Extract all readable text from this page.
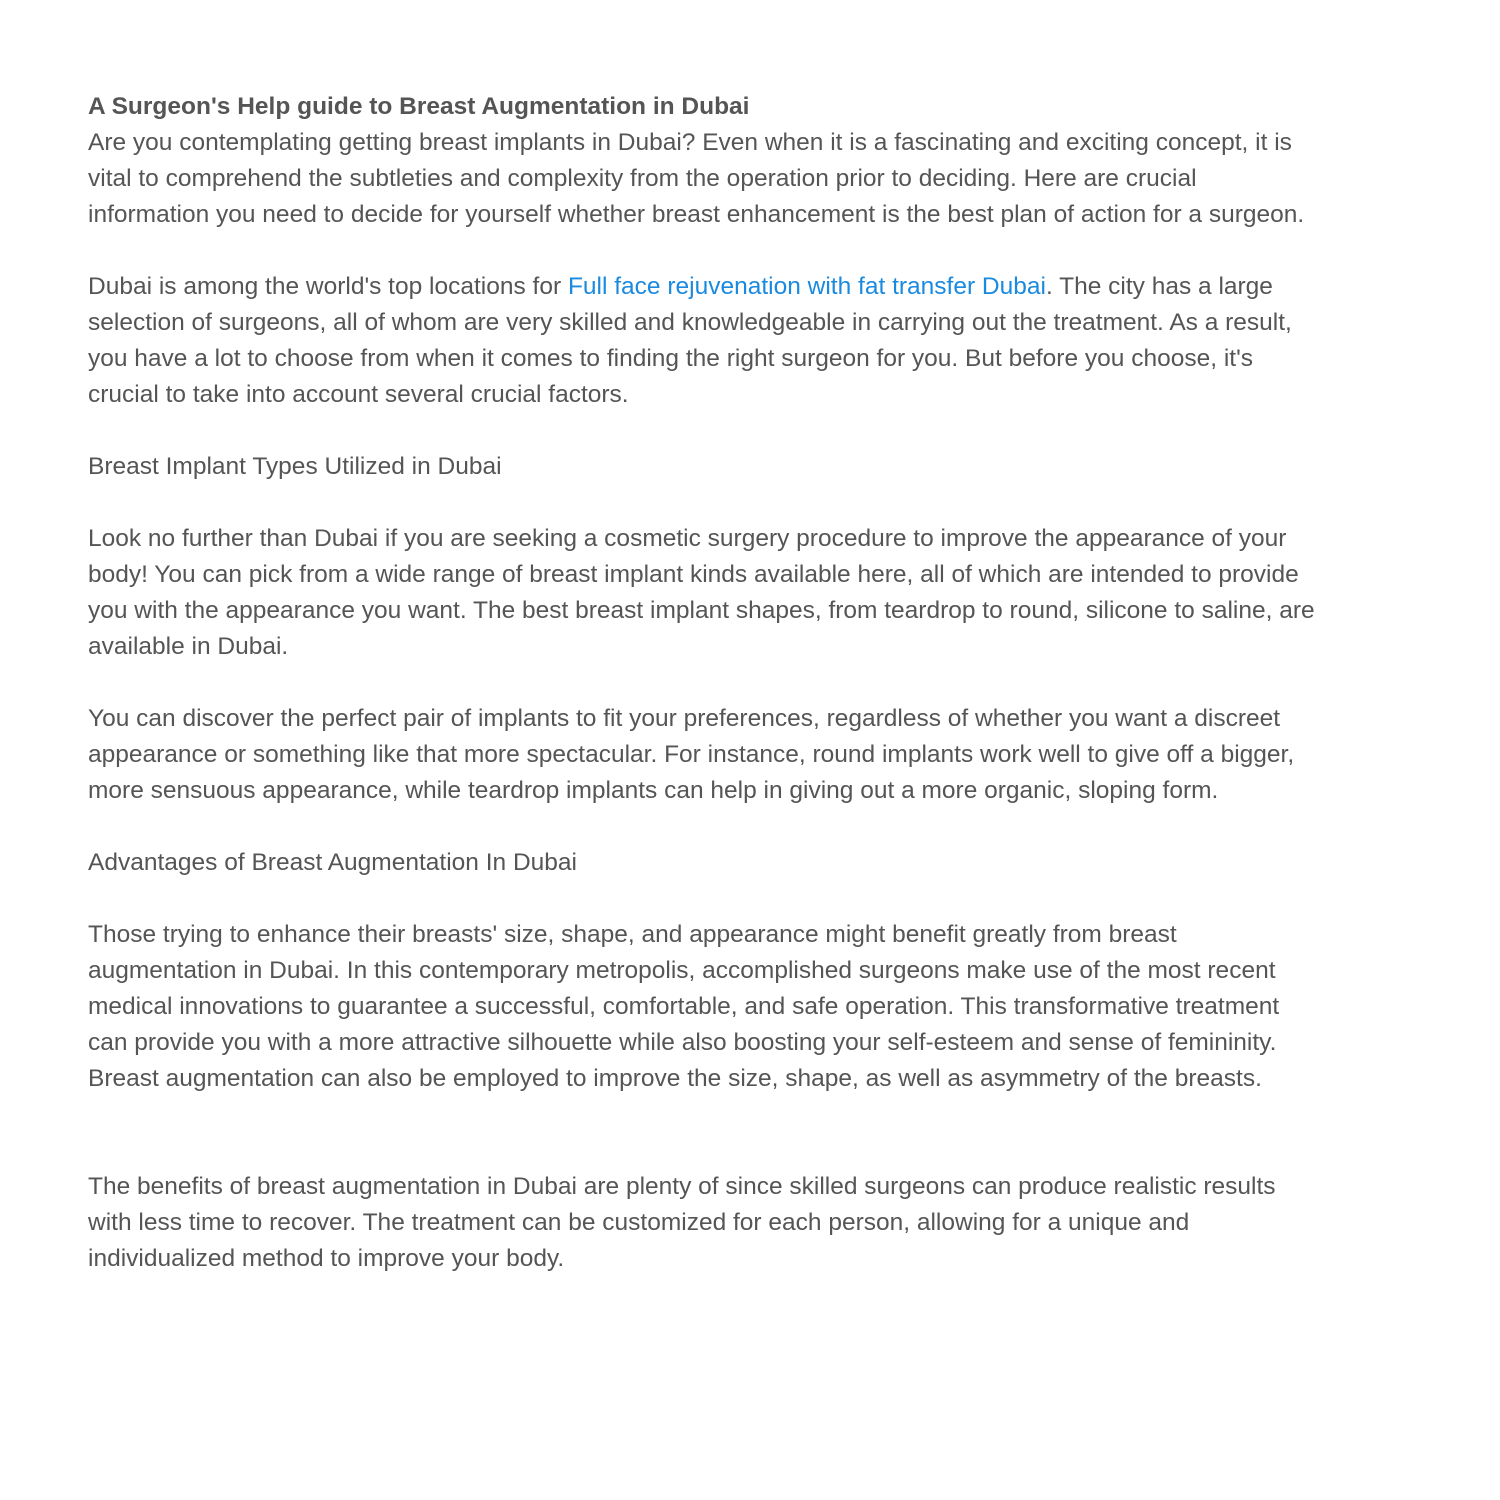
A Surgeon's Help guide to Breast Augmentation in Dubai
Are you contemplating getting breast implants in Dubai? Even when it is a fascinating and exciting concept, it is
vital to comprehend the subtleties and complexity from the operation prior to deciding. Here are crucial
information you need to decide for yourself whether breast enhancement is the best plan of action for a surgeon.
Dubai is among the world's top locations for Full face rejuvenation with fat transfer Dubai. The city has a large
selection of surgeons, all of whom are very skilled and knowledgeable in carrying out the treatment. As a result,
you have a lot to choose from when it comes to finding the right surgeon for you. But before you choose, it's
crucial to take into account several crucial factors.
Breast Implant Types Utilized in Dubai
Look no further than Dubai if you are seeking a cosmetic surgery procedure to improve the appearance of your
body! You can pick from a wide range of breast implant kinds available here, all of which are intended to provide
you with the appearance you want. The best breast implant shapes, from teardrop to round, silicone to saline, are
available in Dubai.
You can discover the perfect pair of implants to fit your preferences, regardless of whether you want a discreet
appearance or something like that more spectacular. For instance, round implants work well to give off a bigger,
more sensuous appearance, while teardrop implants can help in giving out a more organic, sloping form.
Advantages of Breast Augmentation In Dubai
Those trying to enhance their breasts' size, shape, and appearance might benefit greatly from breast
augmentation in Dubai. In this contemporary metropolis, accomplished surgeons make use of the most recent
medical innovations to guarantee a successful, comfortable, and safe operation. This transformative treatment
can provide you with a more attractive silhouette while also boosting your self-esteem and sense of femininity.
Breast augmentation can also be employed to improve the size, shape, as well as asymmetry of the breasts.
The benefits of breast augmentation in Dubai are plenty of since skilled surgeons can produce realistic results
with less time to recover. The treatment can be customized for each person, allowing for a unique and
individualized method to improve your body.
